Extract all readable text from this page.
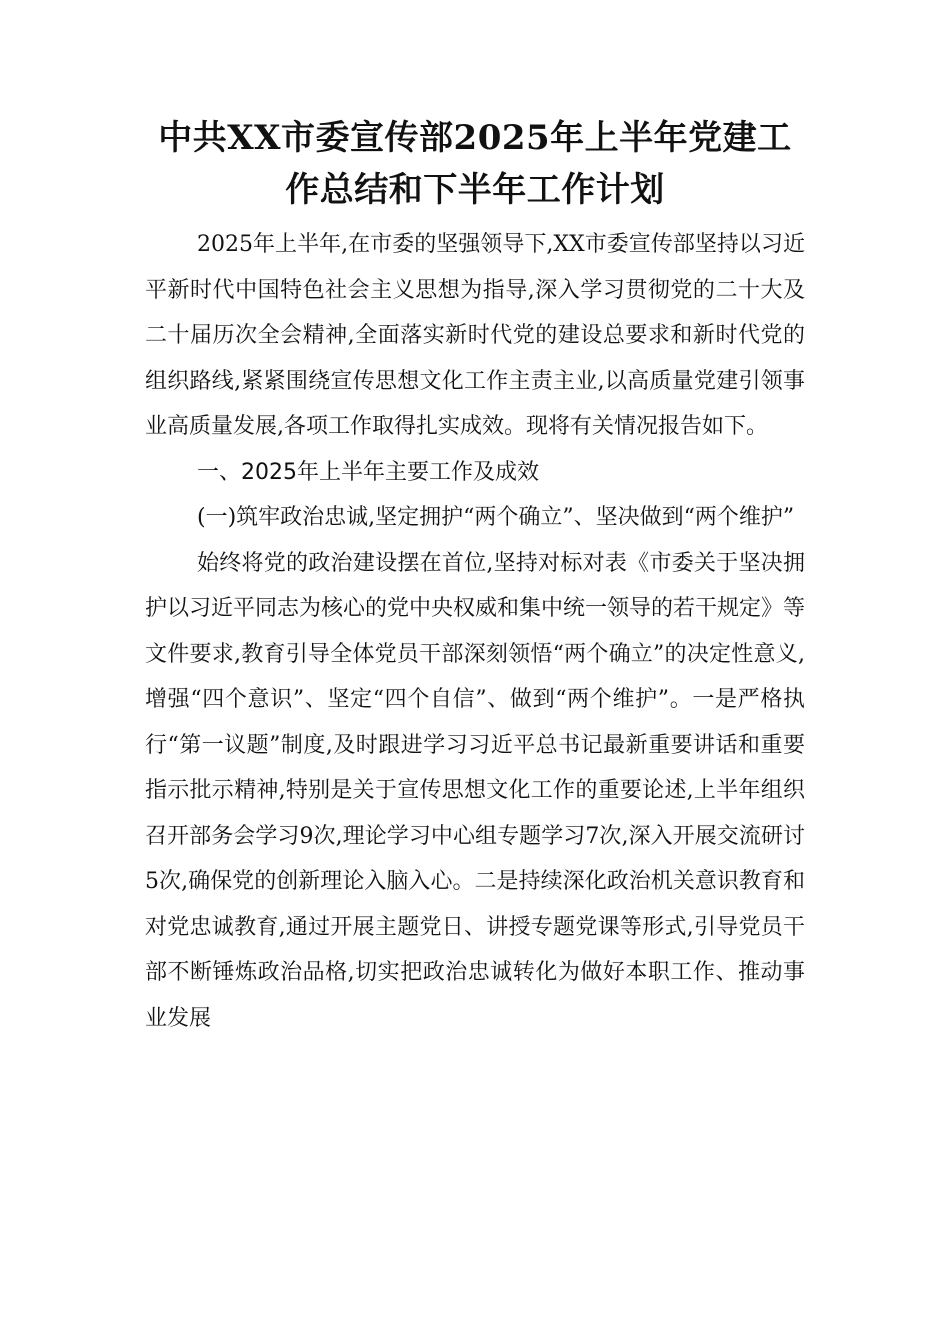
中共XX市委宣传部2025年上半年党建工作总结和下半年工作计划

2025年上半年,在市委的坚强领导下,XX市委宣传部坚持以习近平新时代中国特色社会主义思想为指导,深入学习贯彻党的二十大及二十届历次全会精神,全面落实新时代党的建设总要求和新时代党的组织路线,紧紧围绕宣传思想文化工作主责主业,以高质量党建引领事业高质量发展,各项工作取得扎实成效。现将有关情况报告如下。

一、2025年上半年主要工作及成效

(一)筑牢政治忠诚,坚定拥护“两个确立”、坚决做到“两个维护”

始终将党的政治建设摆在首位,坚持对标对表《市委关于坚决拥护以习近平同志为核心的党中央权威和集中统一领导的若干规定》等文件要求,教育引导全体党员干部深刻领悟“两个确立”的决定性意义,增强“四个意识”、坚定“四个自信”、做到“两个维护”。一是严格执行“第一议题”制度,及时跟进学习习近平总书记最新重要讲话和重要指示批示精神,特别是关于宣传思想文化工作的重要论述,上半年组织召开部务会学习9次,理论学习中心组专题学习7次,深入开展交流研讨5次,确保党的创新理论入脑入心。二是持续深化政治机关意识教育和对党忠诚教育,通过开展主题党日、讲授专题党课等形式,引导党员干部不断锤炼政治品格,切实把政治忠诚转化为做好本职工作、推动事业发展
